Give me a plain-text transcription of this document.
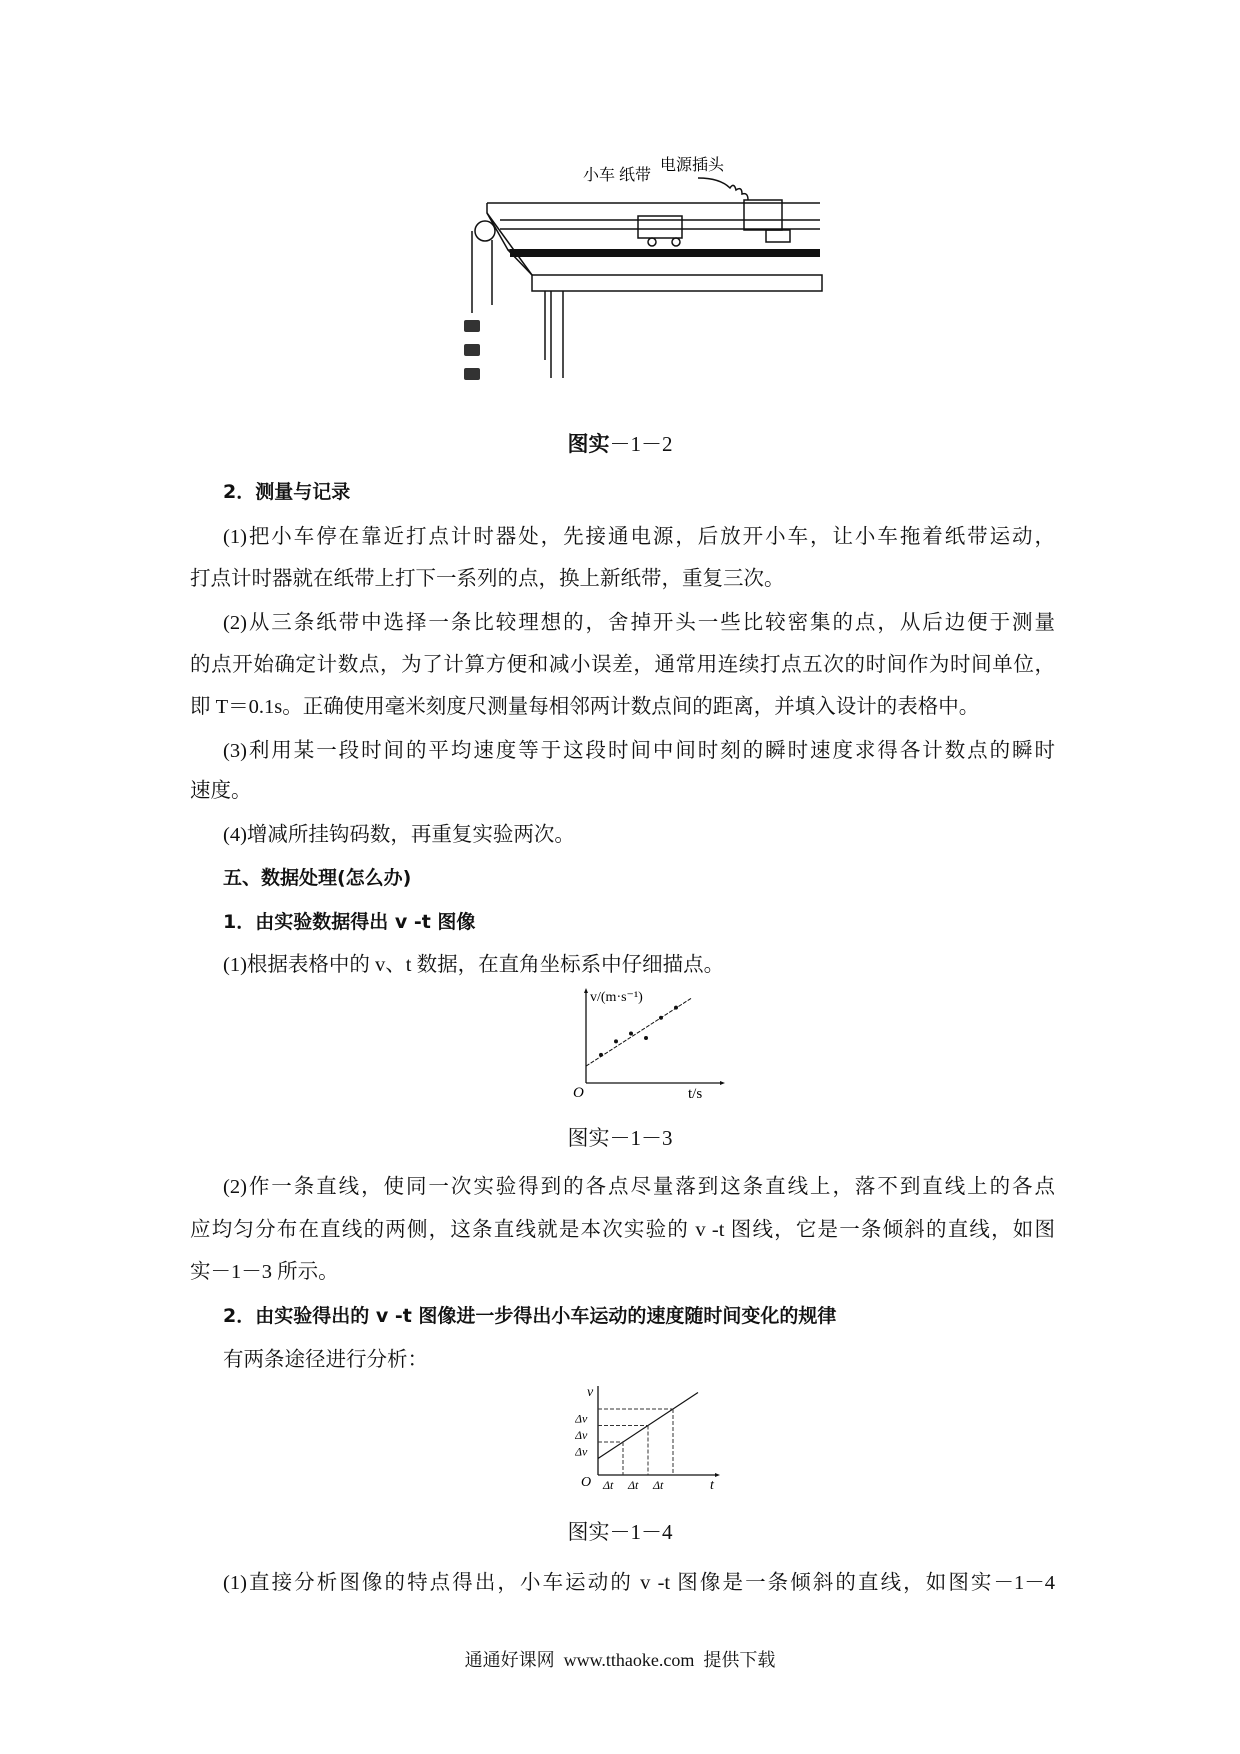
小车 纸带
电源插头
图实－1－2
2．测量与记录
(1)把小车停在靠近打点计时器处，先接通电源，后放开小车，让小车拖着纸带运动，
打点计时器就在纸带上打下一系列的点，换上新纸带，重复三次。
(2)从三条纸带中选择一条比较理想的，舍掉开头一些比较密集的点，从后边便于测量
的点开始确定计数点，为了计算方便和减小误差，通常用连续打点五次的时间作为时间单位，
即 T＝0.1s。正确使用毫米刻度尺测量每相邻两计数点间的距离，并填入设计的表格中。
(3)利用某一段时间的平均速度等于这段时间中间时刻的瞬时速度求得各计数点的瞬时
速度。
(4)增减所挂钩码数，再重复实验两次。
五、数据处理(怎么办)
1．由实验数据得出 v -t 图像
(1)根据表格中的 v、t 数据，在直角坐标系中仔细描点。
O	t/s
v/(m·s⁻¹)
图实－1－3
(2)作一条直线，使同一次实验得到的各点尽量落到这条直线上，落不到直线上的各点
应均匀分布在直线的两侧，这条直线就是本次实验的 v -t 图线，它是一条倾斜的直线，如图
实－1－3 所示。
2．由实验得出的 v -t 图像进一步得出小车运动的速度随时间变化的规律
有两条途径进行分析：
Δt
Δv
Δt
Δv
Δt
Δv
O	t
v
图实－1－4
(1)直接分析图像的特点得出，小车运动的 v -t 图像是一条倾斜的直线，如图实－1－4
通通好课网 www.tthaoke.com 提供下载
